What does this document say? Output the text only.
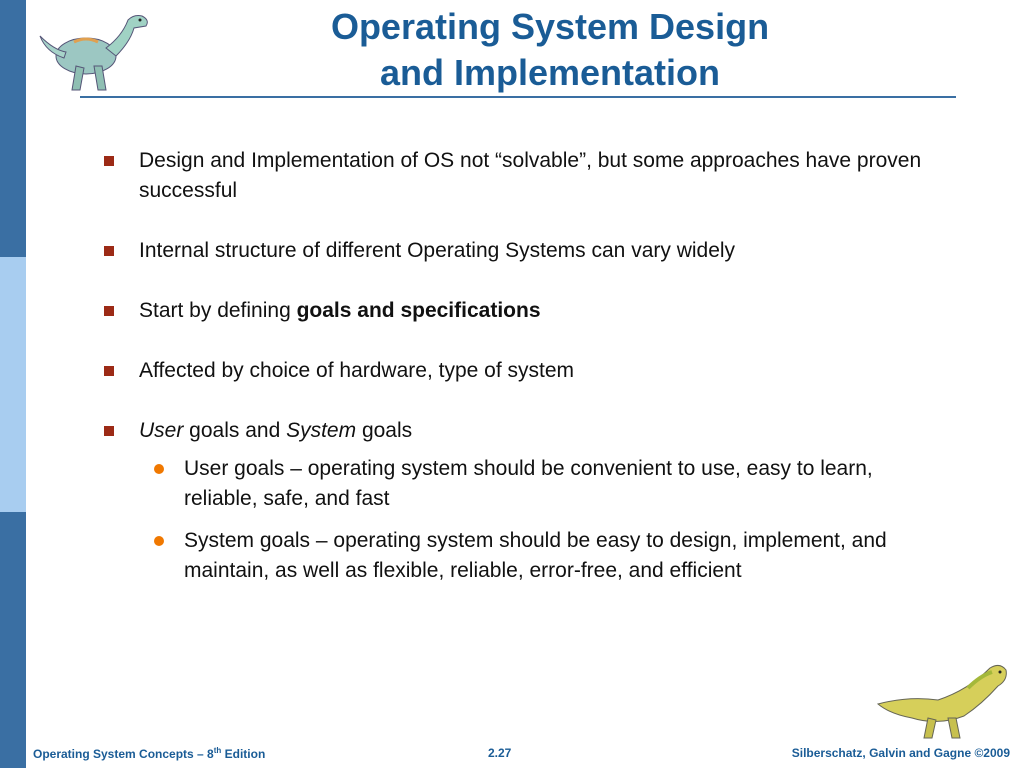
Operating System Design
and Implementation
Design and Implementation of OS not “solvable”, but some approaches have proven successful
Internal structure of different Operating Systems can vary widely
Start by defining goals and specifications
Affected by choice of hardware, type of system
User goals and System goals
User goals – operating system should be convenient to use, easy to learn, reliable, safe, and fast
System goals – operating system should be easy to design, implement, and maintain, as well as flexible, reliable, error-free, and efficient
Operating System Concepts – 8th Edition	2.27	Silberschatz, Galvin and Gagne ©2009
